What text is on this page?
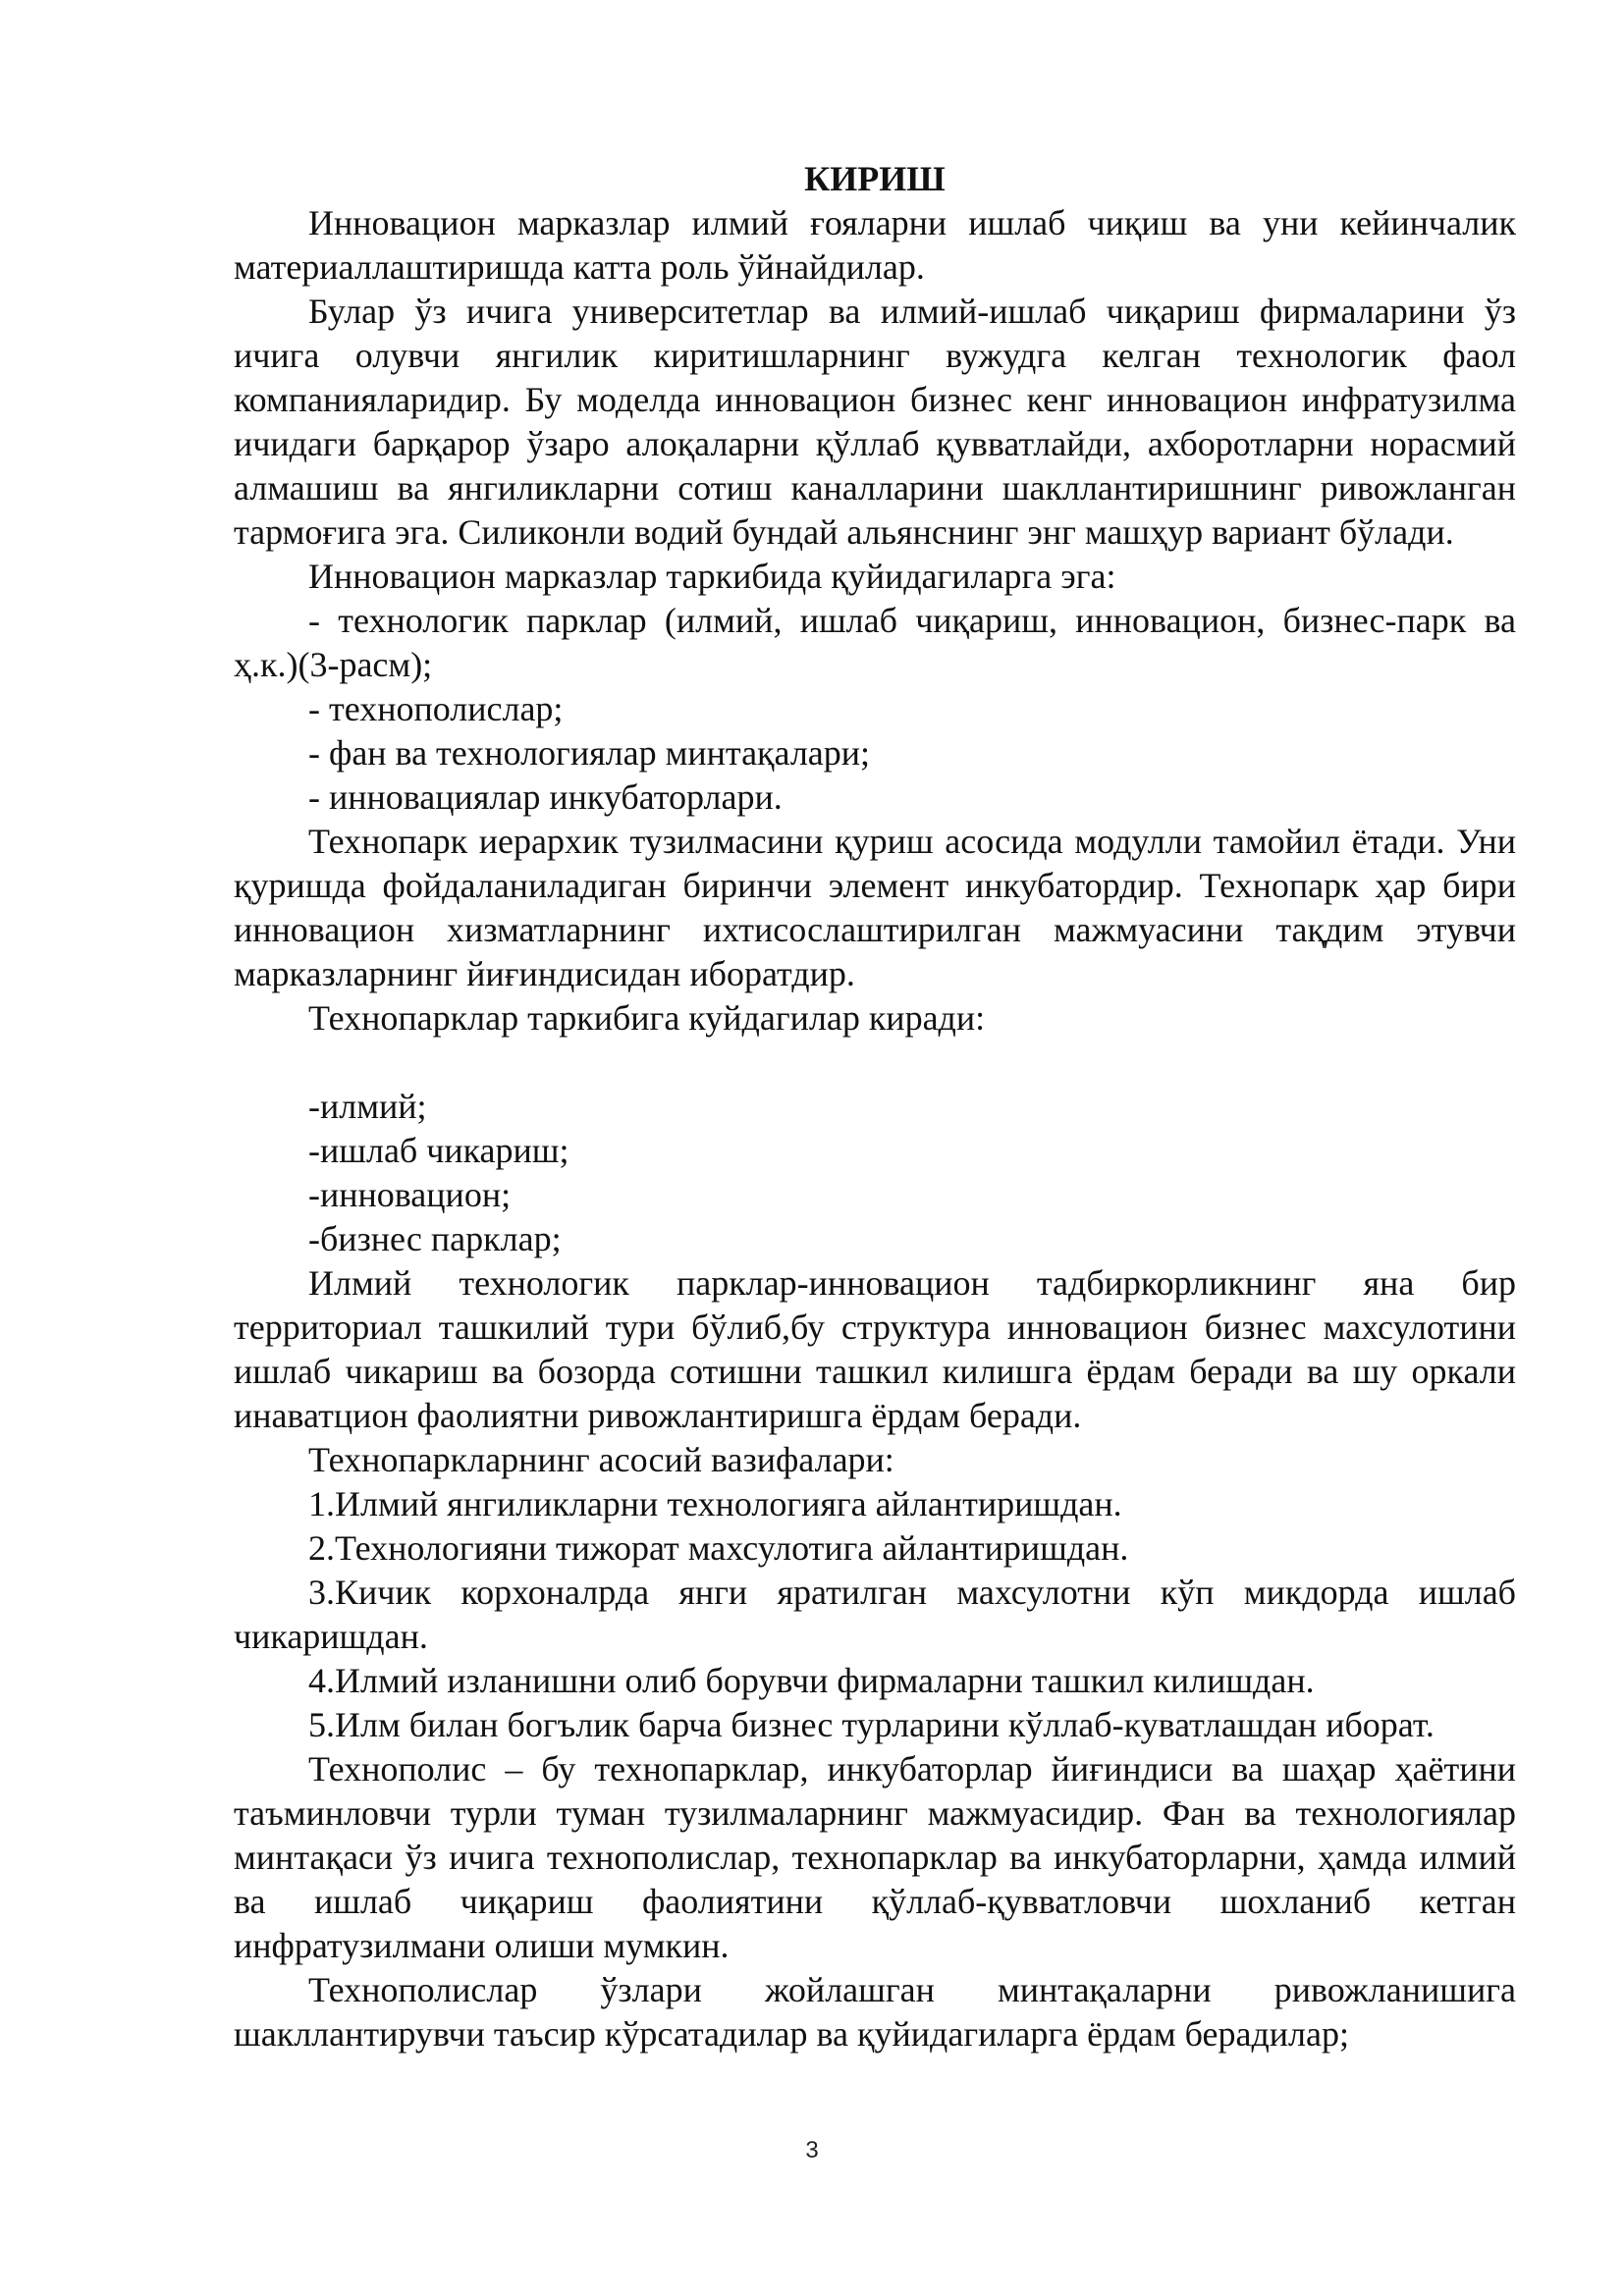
КИРИШ

Инновацион марказлар илмий ғояларни ишлаб чиқиш ва уни кейинчалик материаллаштиришда катта роль ўйнайдилар.

Булар ўз ичига университетлар ва илмий-ишлаб чиқариш фирмаларини ўз ичига олувчи янгилик киритишларнинг вужудга келган технологик фаол компанияларидир. Бу моделда инновацион бизнес кенг инновацион инфратузилма ичидаги барқарор ўзаро алоқаларни қўллаб қувватлайди, ахборотларни норасмий алмашиш ва янгиликларни сотиш каналларини шакллантиришнинг ривожланган тармоғига эга. Силиконли водий бундай альянснинг энг машҳур вариант бўлади.

Инновацион марказлар таркибида қуйидагиларга эга:

- технологик парклар (илмий, ишлаб чиқариш, инновацион, бизнес-парк ва ҳ.к.)(3-расм);

- технополислар;

- фан ва технологиялар минтақалари;

- инновациялар инкубаторлари.

Технопарк иерархик тузилмасини қуриш асосида модулли тамойил ётади. Уни қуришда фойдаланиладиган биринчи элемент инкубатордир. Технопарк ҳар бири инновацион хизматларнинг ихтисослаштирилган мажмуасини тақдим этувчи марказларнинг йиғиндисидан иборатдир.

Технопарклар таркибига куйдагилар киради:

-илмий;

-ишлаб чикариш;

-инновацион;

-бизнес парклар;

Илмий технологик парклар-инновацион тадбиркорликнинг яна бир территориал ташкилий тури бўлиб,бу структура инновацион бизнес махсулотини ишлаб чикариш ва бозорда сотишни ташкил килишга ёрдам беради ва шу оркали инаватцион фаолиятни ривожлантиришга ёрдам беради.

Технопаркларнинг асосий вазифалари:

1.Илмий янгиликларни технологияга айлантиришдан.

2.Технологияни тижорат махсулотига айлантиришдан.

3.Кичик корхоналрда янги яратилган махсулотни кўп микдорда ишлаб чикаришдан.

4.Илмий изланишни олиб борувчи фирмаларни ташкил килишдан.

5.Илм билан богълик барча бизнес турларини кўллаб-куватлашдан иборат.

Технополис – бу технопарклар, инкубаторлар йиғиндиси ва шаҳар ҳаётини таъминловчи турли туман тузилмаларнинг мажмуасидир. Фан ва технологиялар минтақаси ўз ичига технополислар, технопарклар ва инкубаторларни, ҳамда илмий ва ишлаб чиқариш фаолиятини қўллаб-қувватловчи шохланиб кетган инфратузилмани олиши мумкин.

Технополислар ўзлари жойлашган минтақаларни ривожланишига шакллантирувчи таъсир кўрсатадилар ва қуйидагиларга ёрдам берадилар;

3
